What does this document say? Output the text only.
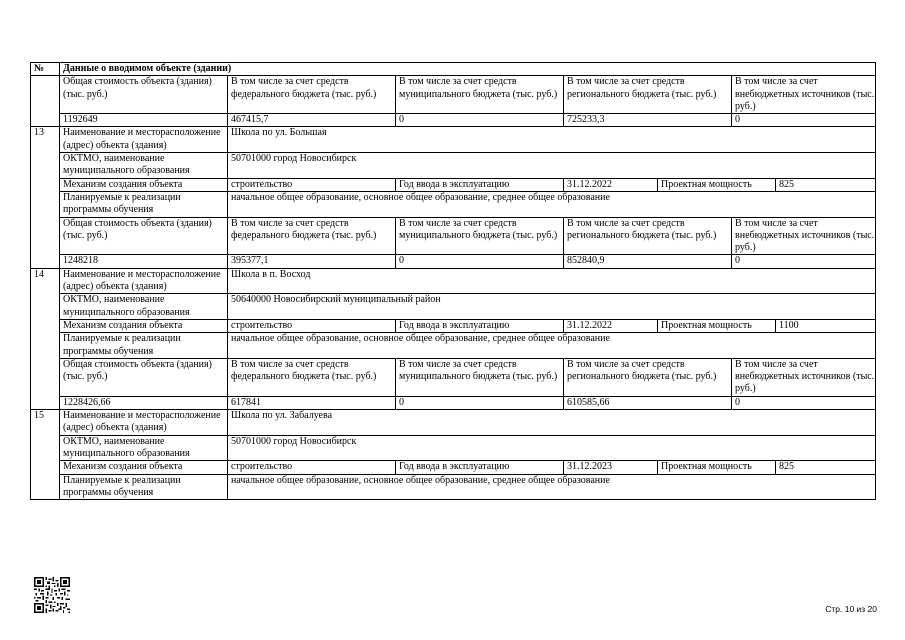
№	Данные о вводимом объекте (здании)						
	Общая стоимость объекта (здания) (тыс. руб.)	В том числе за счет средств федерального бюджета (тыс. руб.)	В том числе за счет средств муниципального бюджета (тыс. руб.)	В том числе за счет средств регионального бюджета (тыс. руб.)		В том числе за счет внебюджетных источников (тыс. руб.)	
	1192649	467415,7	0	725233,3		0	
13	Наименование и месторасположение (адрес) объекта (здания)	Школа по ул. Большая					
	ОКТМО, наименование муниципального образования	50701000 город Новосибирск					
	Механизм создания объекта	строительство	Год ввода в эксплуатацию	31.12.2022	Проектная мощность		825
	Планируемые к реализации программы обучения	начальное общее образование, основное общее образование, среднее общее образование					
	Общая стоимость объекта (здания) (тыс. руб.)	В том числе за счет средств федерального бюджета (тыс. руб.)	В том числе за счет средств муниципального бюджета (тыс. руб.)	В том числе за счет средств регионального бюджета (тыс. руб.)		В том числе за счет внебюджетных источников (тыс. руб.)	
	1248218	395377,1	0	852840,9		0	
14	Наименование и месторасположение (адрес) объекта (здания)	Школа в п. Восход					
	ОКТМО, наименование муниципального образования	50640000 Новосибирский муниципальный район					
	Механизм создания объекта	строительство	Год ввода в эксплуатацию	31.12.2022	Проектная мощность		1100
	Планируемые к реализации программы обучения	начальное общее образование, основное общее образование, среднее общее образование					
	Общая стоимость объекта (здания) (тыс. руб.)	В том числе за счет средств федерального бюджета (тыс. руб.)	В том числе за счет средств муниципального бюджета (тыс. руб.)	В том числе за счет средств регионального бюджета (тыс. руб.)		В том числе за счет внебюджетных источников (тыс. руб.)	
	1228426,66	617841	0	610585,66		0	
15	Наименование и месторасположение (адрес) объекта (здания)	Школа по ул. Забалуева					
	ОКТМО, наименование муниципального образования	50701000 город Новосибирск					
	Механизм создания объекта	строительство	Год ввода в эксплуатацию	31.12.2023	Проектная мощность		825
	Планируемые к реализации программы обучения	начальное общее образование, основное общее образование, среднее общее образование					
Стр. 10 из 20
